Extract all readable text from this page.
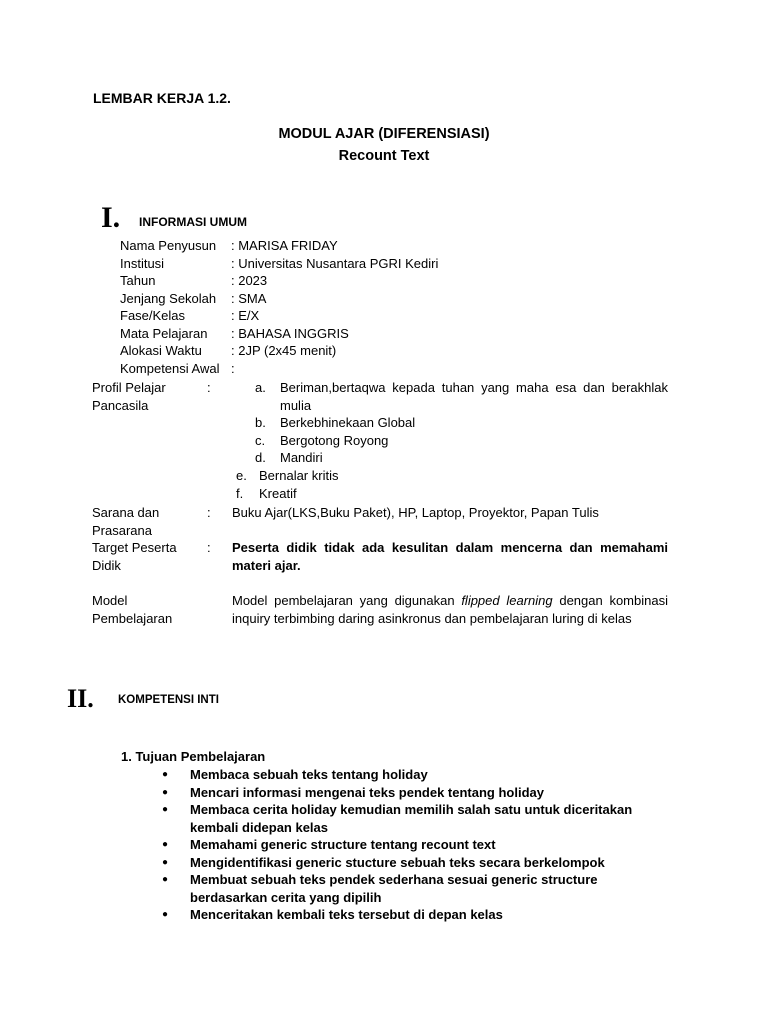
LEMBAR KERJA 1.2.
MODUL AJAR (DIFERENSIASI)
Recount Text
I. INFORMASI UMUM
Nama Penyusun	: MARISA FRIDAY
Institusi	: Universitas Nusantara PGRI Kediri
Tahun	: 2023
Jenjang Sekolah	: SMA
Fase/Kelas	: E/X
Mata Pelajaran	: BAHASA INGGRIS
Alokasi Waktu	: 2JP (2x45 menit)
Kompetensi Awal :
Profil Pelajar
Pancasila
:	a.	Beriman,bertaqwa kepada tuhan yang maha esa dan berakhlak mulia
b.	Berkebhinekaan Global
c.	Bergotong Royong
d.	Mandiri
e. Bernalar kritis
f.	Kreatif
Sarana dan
Prasarana
: Buku Ajar(LKS,Buku Paket), HP, Laptop, Proyektor, Papan Tulis
Target Peserta
Didik
: Peserta didik tidak ada kesulitan dalam mencerna dan memahami materi ajar.
Model
Pembelajaran
Model pembelajaran yang digunakan flipped learning dengan kombinasi inquiry terbimbing daring asinkronus dan pembelajaran luring di kelas
II. KOMPETENSI INTI
1. Tujuan Pembelajaran
●	Membaca sebuah teks tentang holiday
●	Mencari informasi mengenai teks pendek tentang holiday
●	Membaca cerita holiday kemudian memilih salah satu untuk diceritakan kembali didepan kelas
●	Memahami generic structure tentang recount text
●	Mengidentifikasi generic stucture sebuah teks secara berkelompok
●	Membuat sebuah teks pendek sederhana sesuai generic structure berdasarkan cerita yang dipilih
●	Menceritakan kembali teks tersebut di depan kelas
